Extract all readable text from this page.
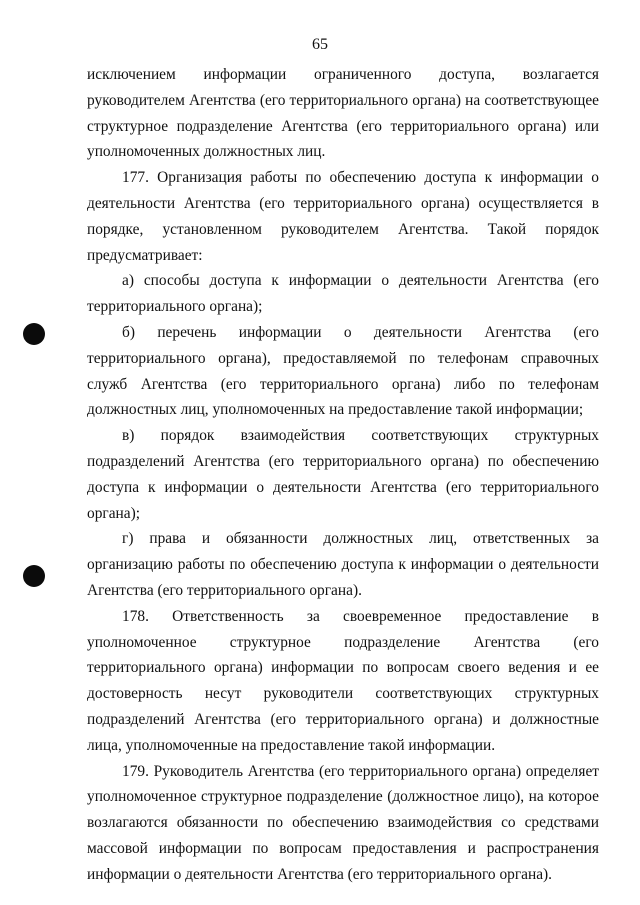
65

исключением информации ограниченного доступа, возлагается руководителем Агентства (его территориального органа) на соответствующее структурное подразделение Агентства (его территориального органа) или уполномоченных должностных лиц.

177. Организация работы по обеспечению доступа к информации о деятельности Агентства (его территориального органа) осуществляется в порядке, установленном руководителем Агентства. Такой порядок предусматривает:

а) способы доступа к информации о деятельности Агентства (его территориального органа);

б) перечень информации о деятельности Агентства (его территориального органа), предоставляемой по телефонам справочных служб Агентства (его территориального органа) либо по телефонам должностных лиц, уполномоченных на предоставление такой информации;

в) порядок взаимодействия соответствующих структурных подразделений Агентства (его территориального органа) по обеспечению доступа к информации о деятельности Агентства (его территориального органа);

г) права и обязанности должностных лиц, ответственных за организацию работы по обеспечению доступа к информации о деятельности Агентства (его территориального органа).

178. Ответственность за своевременное предоставление в уполномоченное структурное подразделение Агентства (его территориального органа) информации по вопросам своего ведения и ее достоверность несут руководители соответствующих структурных подразделений Агентства (его территориального органа) и должностные лица, уполномоченные на предоставление такой информации.

179. Руководитель Агентства (его территориального органа) определяет уполномоченное структурное подразделение (должностное лицо), на которое возлагаются обязанности по обеспечению взаимодействия со средствами массовой информации по вопросам предоставления и распространения информации о деятельности Агентства (его территориального органа).
